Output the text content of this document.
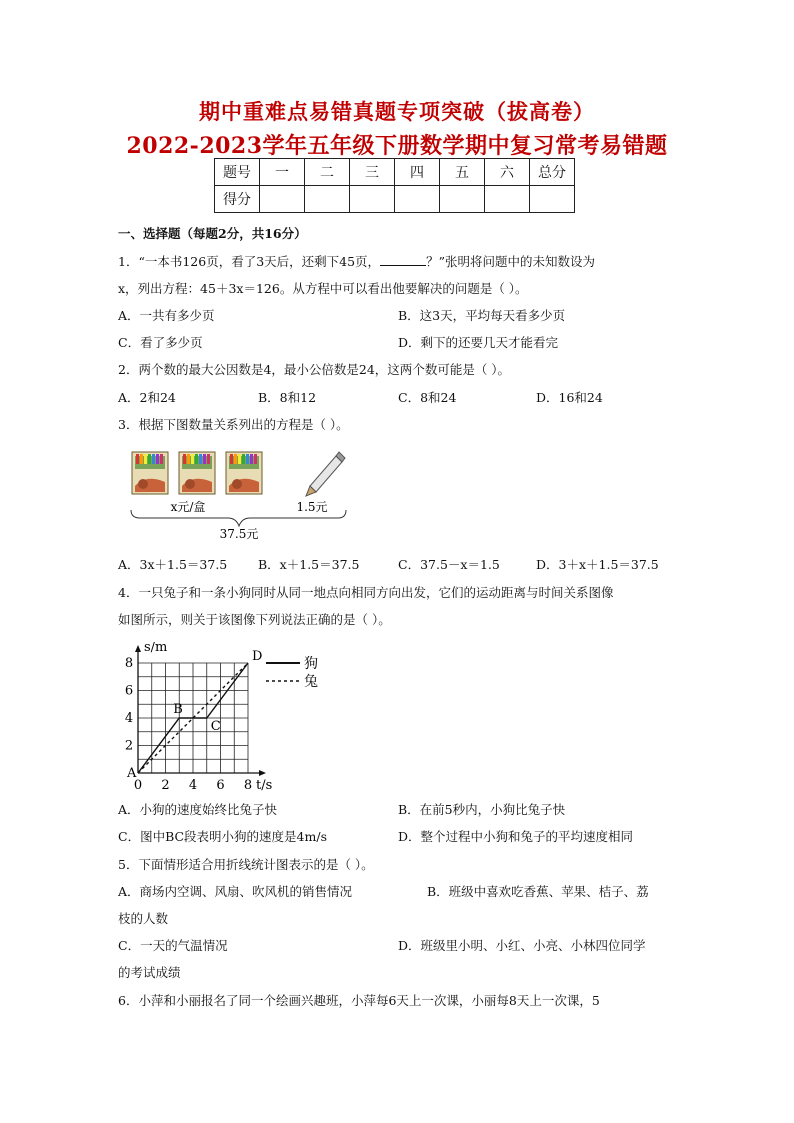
期中重难点易错真题专项突破（拔高卷）
2022-2023学年五年级下册数学期中复习常考易错题
题号	一	二	三	四	五	六	总分
得分							
一、选择题（每题2分，共16分）
1．“一本书126页，看了3天后，还剩下45页，	？”张明将问题中的未知数设为
x，列出方程：45＋3x＝126。从方程中可以看出他要解决的问题是（ ）。
A．一共有多少页	B．这3天，平均每天看多少页
C．看了多少页	D．剩下的还要几天才能看完
2．两个数的最大公因数是4，最小公倍数是24，这两个数可能是（ ）。
A．2和24	B．8和12	C．8和24	D．16和24
3．根据下图数量关系列出的方程是（ ）。
x元/盒	1.5元
37.5元
A．3x＋1.5＝37.5 B．x＋1.5＝37.5	C．37.5－x＝1.5	D．3＋x＋1.5＝37.5
4．一只兔子和一条小狗同时从同一地点向相同方向出发，它们的运动距离与时间关系图像
如图所示，则关于该图像下列说法正确的是（ ）。
0 2 4 6 8
2
4
6
8
t/s
s/m
A
B
C
D	狗
兔
A．小狗的速度始终比兔子快	B．在前5秒内，小狗比兔子快
C．图中BC段表明小狗的速度是4m/s	D．整个过程中小狗和兔子的平均速度相同
5．下面情形适合用折线统计图表示的是（ ）。
A．商场内空调、风扇、吹风机的销售情况	B．班级中喜欢吃香蕉、苹果、桔子、荔
枝的人数
C．一天的气温情况	D．班级里小明、小红、小亮、小林四位同学
的考试成绩
6．小萍和小丽报名了同一个绘画兴趣班，小萍每6天上一次课，小丽每8天上一次课，5
